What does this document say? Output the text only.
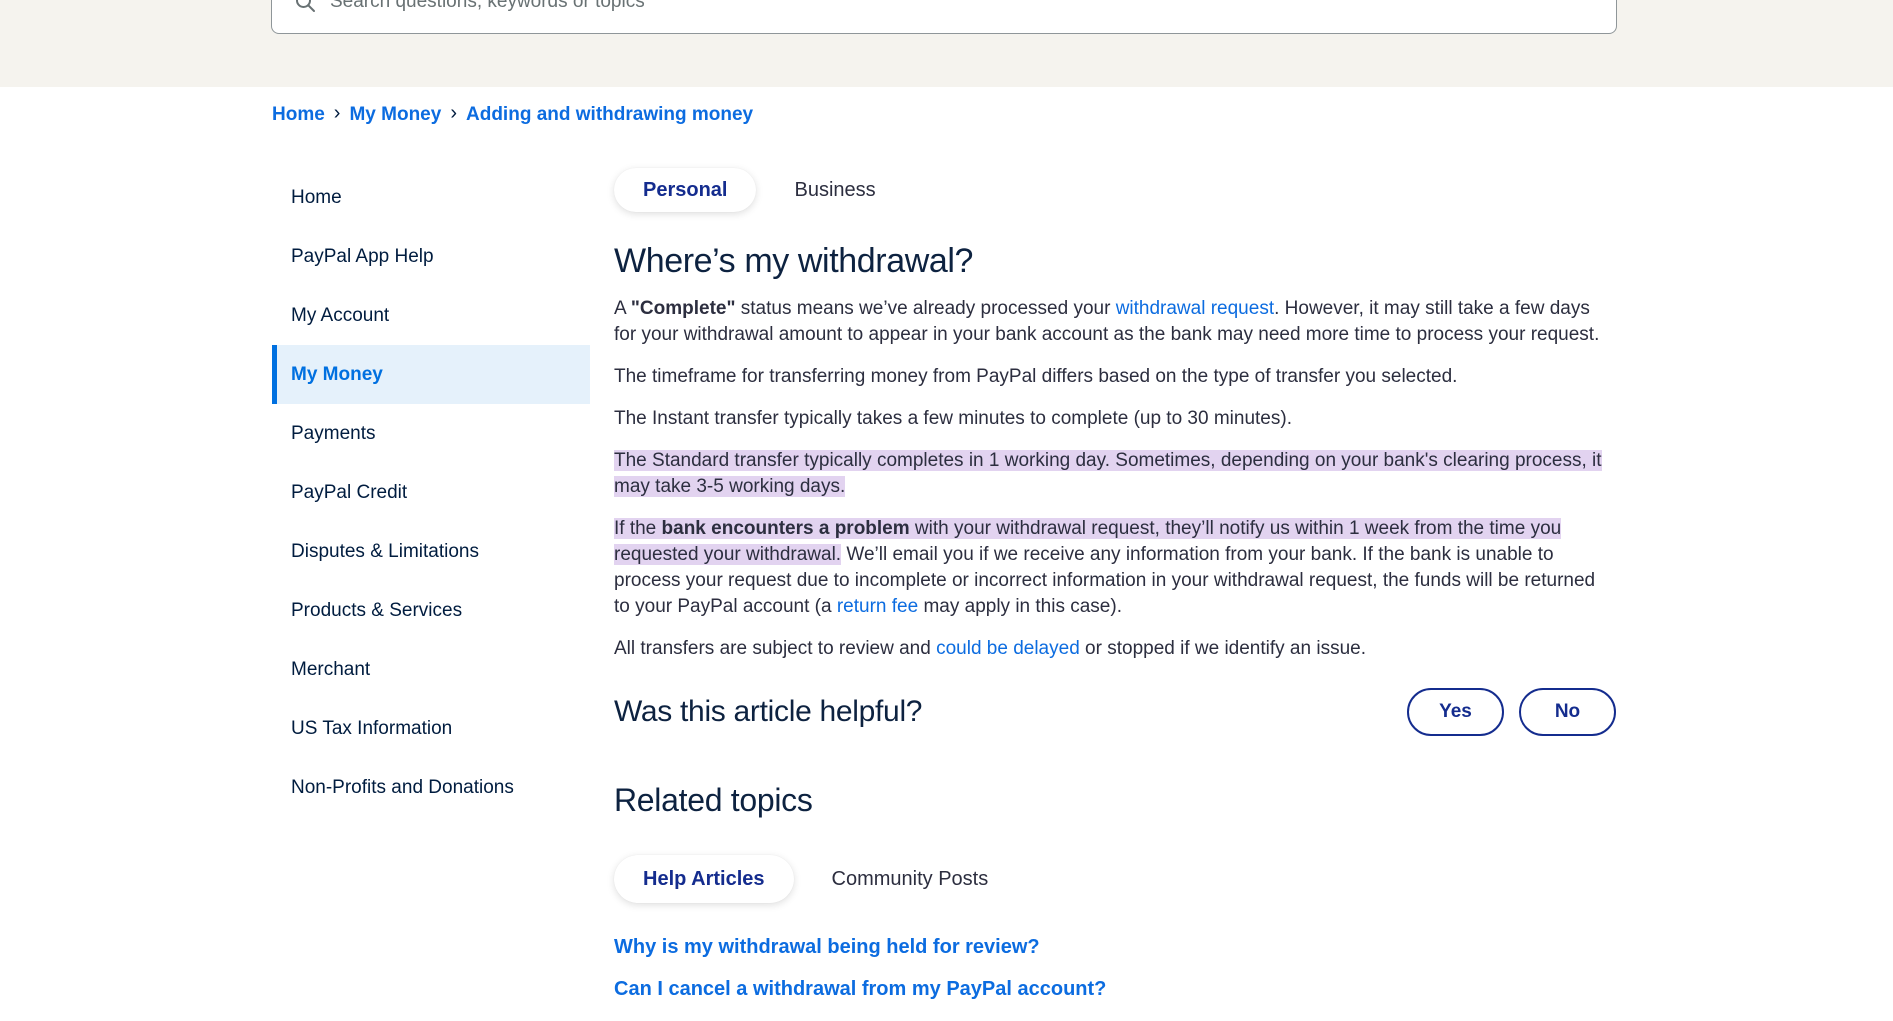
Search questions, keywords or topics
Home › My Money › Adding and withdrawing money
Home
PayPal App Help
My Account
My Money
Payments
PayPal Credit
Disputes & Limitations
Products & Services
Merchant
US Tax Information
Non-Profits and Donations
Personal	Business
Where’s my withdrawal?

A "Complete" status means we’ve already processed your withdrawal request. However, it may still take a few days for your withdrawal amount to appear in your bank account as the bank may need more time to process your request.

The timeframe for transferring money from PayPal differs based on the type of transfer you selected.

The Instant transfer typically takes a few minutes to complete (up to 30 minutes).

The Standard transfer typically completes in 1 working day. Sometimes, depending on your bank's clearing process, it may take 3-5 working days.

If the bank encounters a problem with your withdrawal request, they’ll notify us within 1 week from the time you requested your withdrawal. We’ll email you if we receive any information from your bank. If the bank is unable to process your request due to incomplete or incorrect information in your withdrawal request, the funds will be returned to your PayPal account (a return fee may apply in this case).

All transfers are subject to review and could be delayed or stopped if we identify an issue.

Was this article helpful?	Yes	No
Related topics
Help Articles	Community Posts
Why is my withdrawal being held for review?
Can I cancel a withdrawal from my PayPal account?
